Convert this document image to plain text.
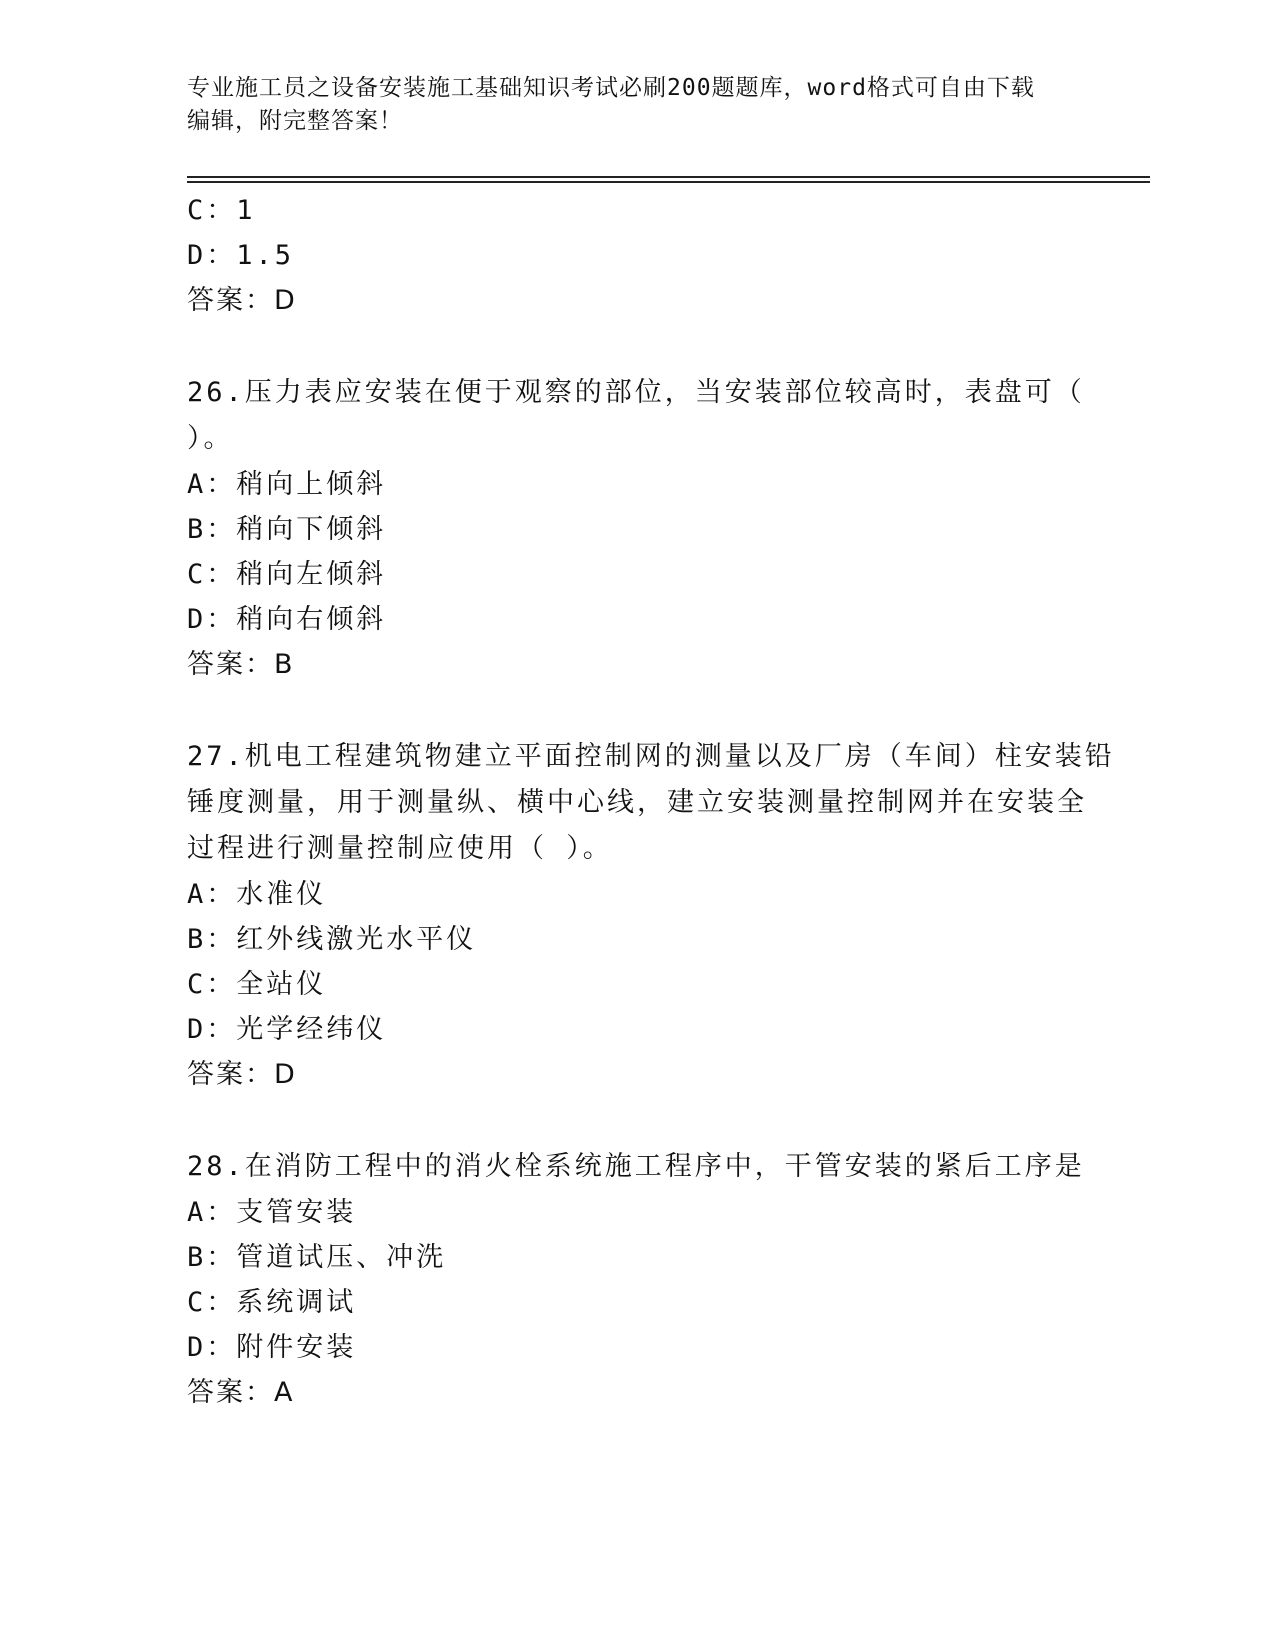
专业施工员之设备安装施工基础知识考试必刷200题题库，word格式可自由下载
编辑，附完整答案！
C：1
D：1.5
答案：D
26.压力表应安装在便于观察的部位，当安装部位较高时，表盘可（
）。
A：稍向上倾斜
B：稍向下倾斜
C：稍向左倾斜
D：稍向右倾斜
答案：B
27.机电工程建筑物建立平面控制网的测量以及厂房（车间）柱安装铅
锤度测量，用于测量纵、横中心线，建立安装测量控制网并在安装全
过程进行测量控制应使用（ ）。
A：水准仪
B：红外线激光水平仪
C：全站仪
D：光学经纬仪
答案：D
28.在消防工程中的消火栓系统施工程序中，干管安装的紧后工序是
A：支管安装
B：管道试压、冲洗
C：系统调试
D：附件安装
答案：A
